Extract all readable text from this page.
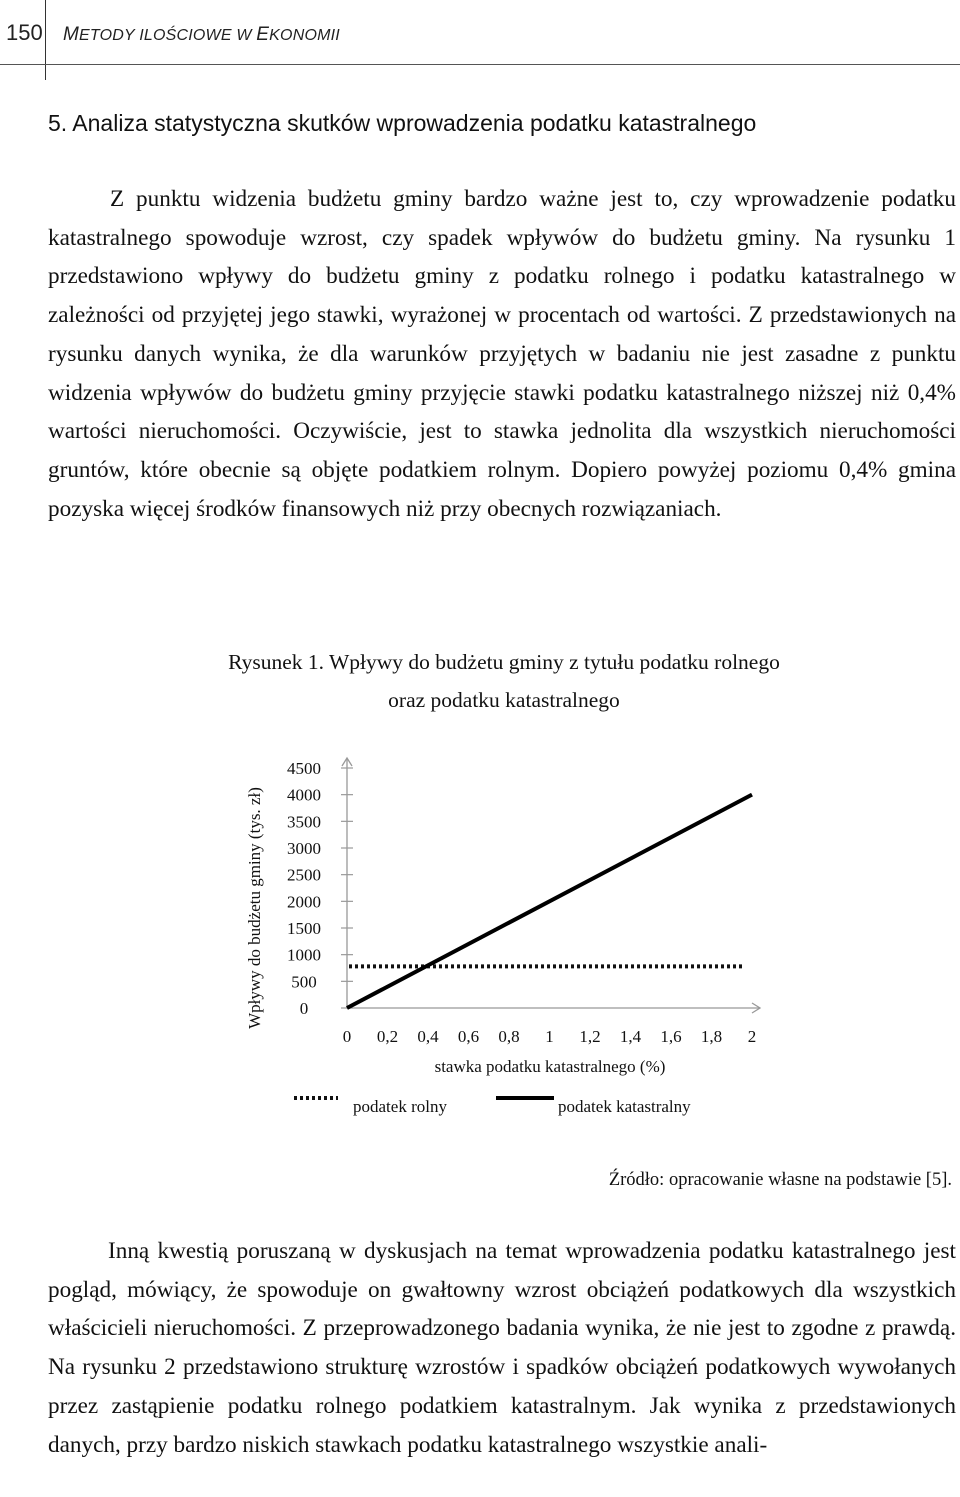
150 METODY ILOŚCIOWE W EKONOMII
5. Analiza statystyczna skutków wprowadzenia podatku katastralnego

Z punktu widzenia budżetu gminy bardzo ważne jest to, czy wprowadzenie podatku katastralnego spowoduje wzrost, czy spadek wpływów do budżetu gminy. Na rysunku 1 przedstawiono wpływy do budżetu gminy z podatku rolnego i podatku katastralnego w zależności od przyjętej jego stawki, wyrażonej w procentach od wartości. Z przedstawionych na rysunku danych wynika, że dla warunków przyjętych w badaniu nie jest zasadne z punktu widzenia wpływów do budżetu gminy przyjęcie stawki podatku katastralnego niższej niż 0,4% wartości nieruchomości. Oczywiście, jest to stawka jednolita dla wszystkich nieruchomości gruntów, które obecnie są objęte podatkiem rolnym. Dopiero powyżej poziomu 0,4% gmina pozyska więcej środków finansowych niż przy obecnych rozwiązaniach.

Rysunek 1. Wpływy do budżetu gminy z tytułu podatku rolnego
oraz podatku katastralnego
0
500
1000
1500
2000
2500
3000
3500
4000
4500
0 0,2 0,4 0,6 0,8 1 1,2 1,4 1,6 1,8 2
Wpływy do budżetu gminy (tys. zł)
stawka podatku katastralnego (%)
podatek rolny	podatek katastralny
Źródło: opracowanie własne na podstawie [5].

Inną kwestią poruszaną w dyskusjach na temat wprowadzenia podatku katastralnego jest pogląd, mówiący, że spowoduje on gwałtowny wzrost obciążeń podatkowych dla wszystkich właścicieli nieruchomości. Z przeprowadzonego badania wynika, że nie jest to zgodne z prawdą. Na rysunku 2 przedstawiono strukturę wzrostów i spadków obciążeń podatkowych wywołanych przez zastąpienie podatku rolnego podatkiem katastralnym. Jak wynika z przedstawionych danych, przy bardzo niskich stawkach podatku katastralnego wszystkie anali-
